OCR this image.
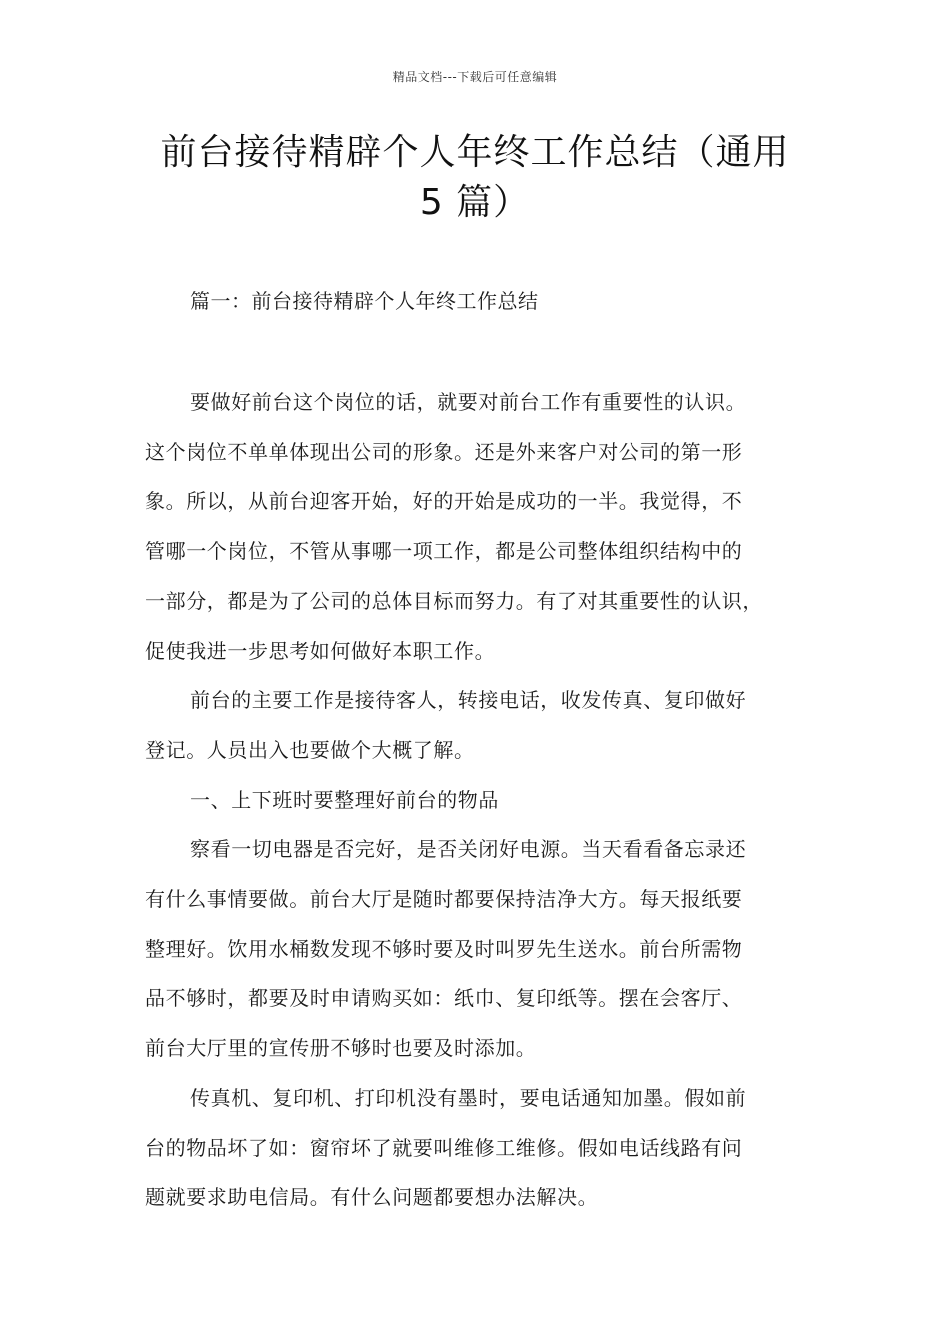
精品文档---下载后可任意编辑
前台接待精辟个人年终工作总结（通用
5 篇）
篇一：前台接待精辟个人年终工作总结
要做好前台这个岗位的话，就要对前台工作有重要性的认识。
这个岗位不单单体现出公司的形象。还是外来客户对公司的第一形
象。所以，从前台迎客开始，好的开始是成功的一半。我觉得，不
管哪一个岗位，不管从事哪一项工作，都是公司整体组织结构中的
一部分，都是为了公司的总体目标而努力。有了对其重要性的认识，
促使我进一步思考如何做好本职工作。
前台的主要工作是接待客人，转接电话，收发传真、复印做好
登记。人员出入也要做个大概了解。
一、上下班时要整理好前台的物品
察看一切电器是否完好，是否关闭好电源。当天看看备忘录还
有什么事情要做。前台大厅是随时都要保持洁净大方。每天报纸要
整理好。饮用水桶数发现不够时要及时叫罗先生送水。前台所需物
品不够时，都要及时申请购买如：纸巾、复印纸等。摆在会客厅、
前台大厅里的宣传册不够时也要及时添加。
传真机、复印机、打印机没有墨时，要电话通知加墨。假如前
台的物品坏了如：窗帘坏了就要叫维修工维修。假如电话线路有问
题就要求助电信局。有什么问题都要想办法解决。
